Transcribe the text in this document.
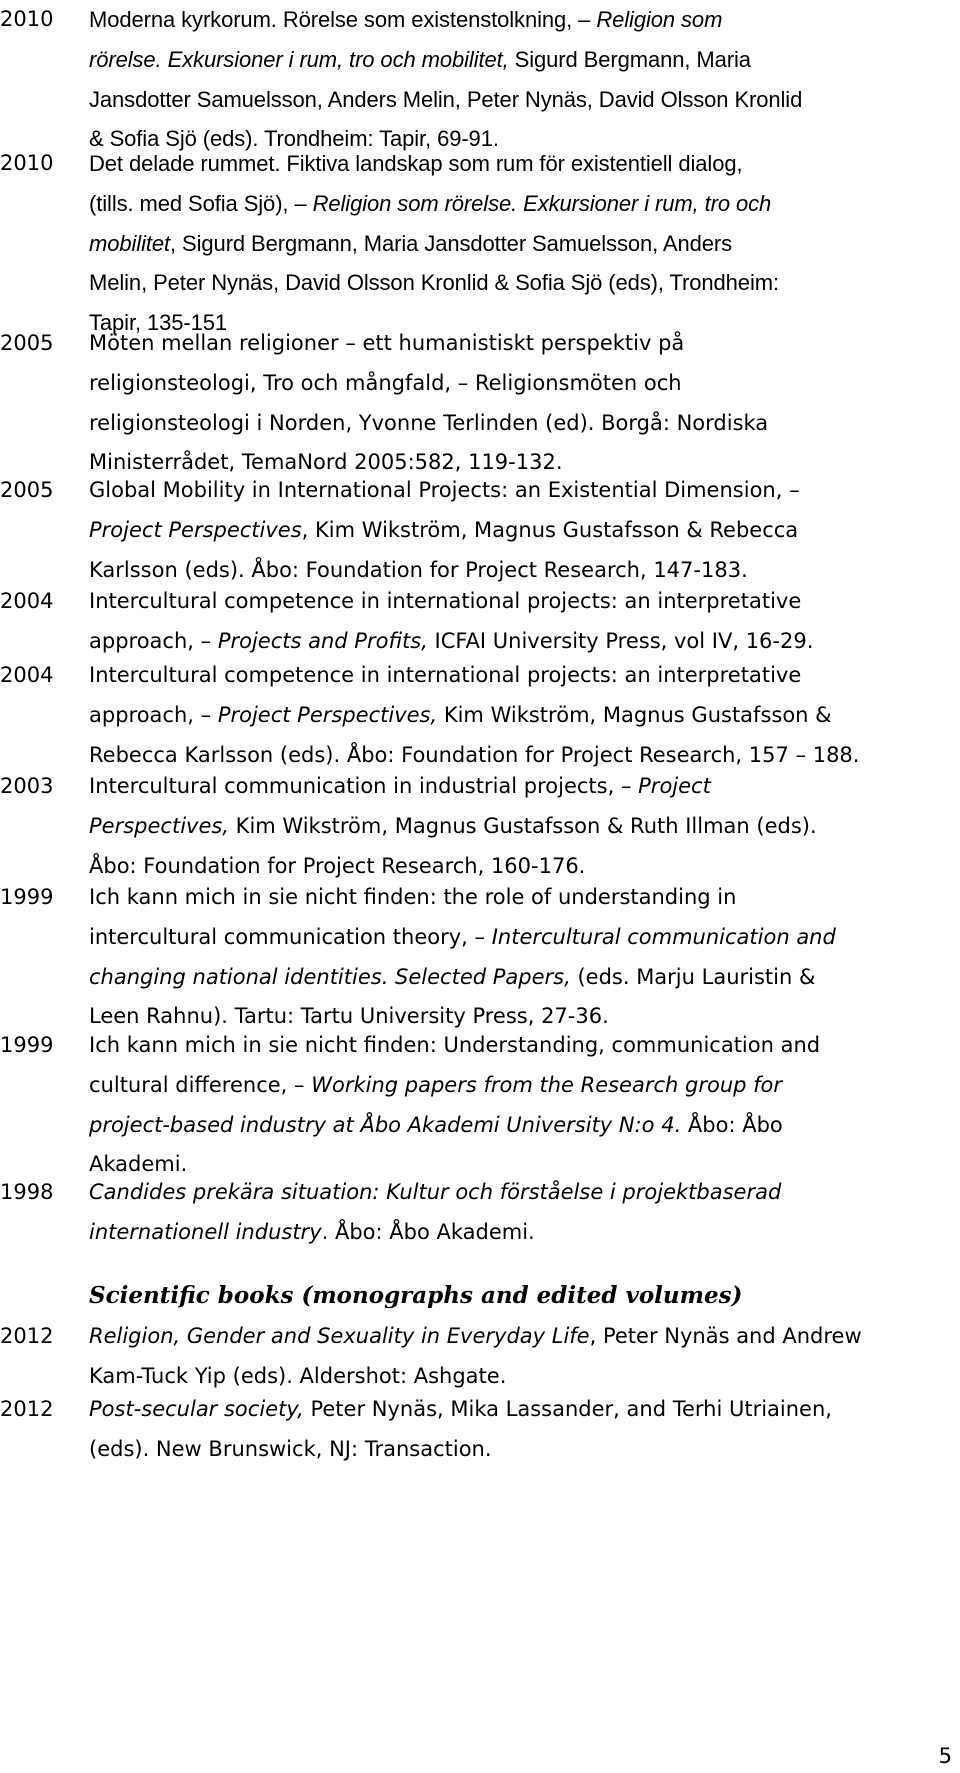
2010 Moderna kyrkorum. Rörelse som existenstolkning, – Religion som
rörelse. Exkursioner i rum, tro och mobilitet, Sigurd Bergmann, Maria
Jansdotter Samuelsson, Anders Melin, Peter Nynäs, David Olsson Kronlid
& Sofia Sjö (eds). Trondheim: Tapir, 69-91.
2010 Det delade rummet. Fiktiva landskap som rum för existentiell dialog,
(tills. med Sofia Sjö), – Religion som rörelse. Exkursioner i rum, tro och
mobilitet, Sigurd Bergmann, Maria Jansdotter Samuelsson, Anders
Melin, Peter Nynäs, David Olsson Kronlid & Sofia Sjö (eds), Trondheim:
Tapir, 135-151
2005 Möten mellan religioner – ett humanistiskt perspektiv på
religionsteologi, Tro och mångfald, – Religionsmöten och
religionsteologi i Norden, Yvonne Terlinden (ed). Borgå: Nordiska
Ministerrådet, TemaNord 2005:582, 119-132.
2005 Global Mobility in International Projects: an Existential Dimension, –
Project Perspectives, Kim Wikström, Magnus Gustafsson & Rebecca
Karlsson (eds). Åbo: Foundation for Project Research, 147-183.
2004 Intercultural competence in international projects: an interpretative
approach, – Projects and Profits, ICFAI University Press, vol IV, 16-29.
2004 Intercultural competence in international projects: an interpretative
approach, – Project Perspectives, Kim Wikström, Magnus Gustafsson &
Rebecca Karlsson (eds). Åbo: Foundation for Project Research, 157 – 188.
2003 Intercultural communication in industrial projects, – Project
Perspectives, Kim Wikström, Magnus Gustafsson & Ruth Illman (eds).
Åbo: Foundation for Project Research, 160-176.
1999 Ich kann mich in sie nicht finden: the role of understanding in
intercultural communication theory, – Intercultural communication and
changing national identities. Selected Papers, (eds. Marju Lauristin &
Leen Rahnu). Tartu: Tartu University Press, 27-36.
1999 Ich kann mich in sie nicht finden: Understanding, communication and
cultural difference, – Working papers from the Research group for
project-based industry at Åbo Akademi University N:o 4. Åbo: Åbo
Akademi.
1998 Candides prekära situation: Kultur och förståelse i projektbaserad
internationell industry. Åbo: Åbo Akademi.
Scientific books (monographs and edited volumes)
2012 Religion, Gender and Sexuality in Everyday Life, Peter Nynäs and Andrew
Kam-Tuck Yip (eds). Aldershot: Ashgate.
2012 Post-secular society, Peter Nynäs, Mika Lassander, and Terhi Utriainen,
(eds). New Brunswick, NJ: Transaction.
5
